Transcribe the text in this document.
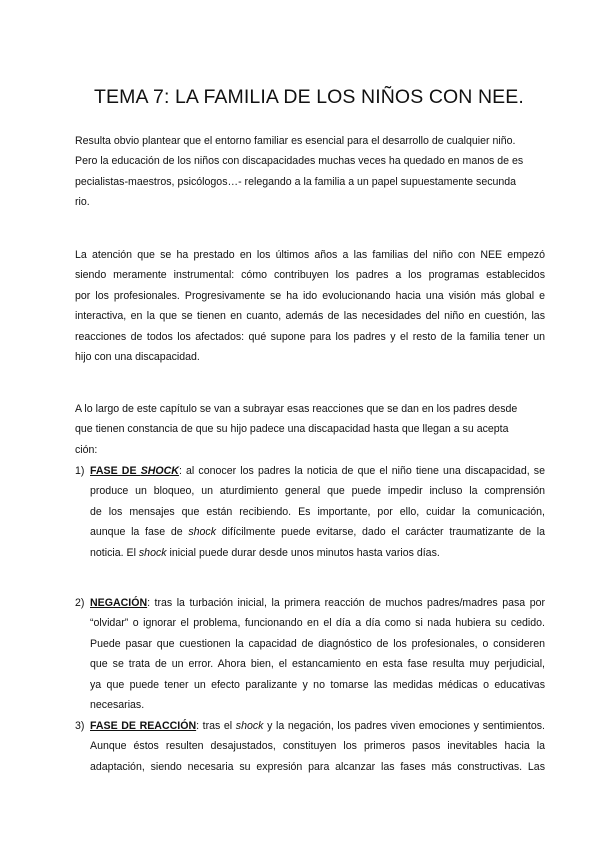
TEMA 7: LA FAMILIA DE LOS NIÑOS CON NEE.
Resulta obvio plantear que el entorno familiar es esencial para el desarrollo de cualquier niño.
Pero la educación de los niños con discapacidades muchas veces ha quedado en manos de es
pecialistas-maestros, psicólogos…- relegando a la familia a un papel supuestamente secunda
rio.
La atención que se ha prestado en los últimos años a las familias del niño con NEE empezó
siendo meramente instrumental: cómo contribuyen los padres a los programas establecidos
por los profesionales. Progresivamente se ha ido evolucionando hacia una visión más global e
interactiva, en la que se tienen en cuanto, además de las necesidades del niño en cuestión, las
reacciones de todos los afectados: qué supone para los padres y el resto de la familia tener un
hijo con una discapacidad.
A lo largo de este capítulo se van a subrayar esas reacciones que se dan en los padres desde
que tienen constancia de que su hijo padece una discapacidad hasta que llegan a su acepta
ción:
1) FASE DE SHOCK: al conocer los padres la noticia de que el niño tiene una discapacidad, se
produce un bloqueo, un aturdimiento general que puede impedir incluso la comprensión
de los mensajes que están recibiendo. Es importante, por ello, cuidar la comunicación,
aunque la fase de shock difícilmente puede evitarse, dado el carácter traumatizante de la
noticia. El shock inicial puede durar desde unos minutos hasta varios días.
2) NEGACIÓN: tras la turbación inicial, la primera reacción de muchos padres/madres pasa por
“olvidar” o ignorar el problema, funcionando en el día a día como si nada hubiera su cedido.
Puede pasar que cuestionen la capacidad de diagnóstico de los profesionales, o consideren
que se trata de un error. Ahora bien, el estancamiento en esta fase resulta muy perjudicial,
ya que puede tener un efecto paralizante y no tomarse las medidas médicas o educativas
necesarias.
3) FASE DE REACCIÓN: tras el shock y la negación, los padres viven emociones y sentimientos.
Aunque éstos resulten desajustados, constituyen los primeros pasos inevitables hacia la
adaptación, siendo necesaria su expresión para alcanzar las fases más constructivas. Las
